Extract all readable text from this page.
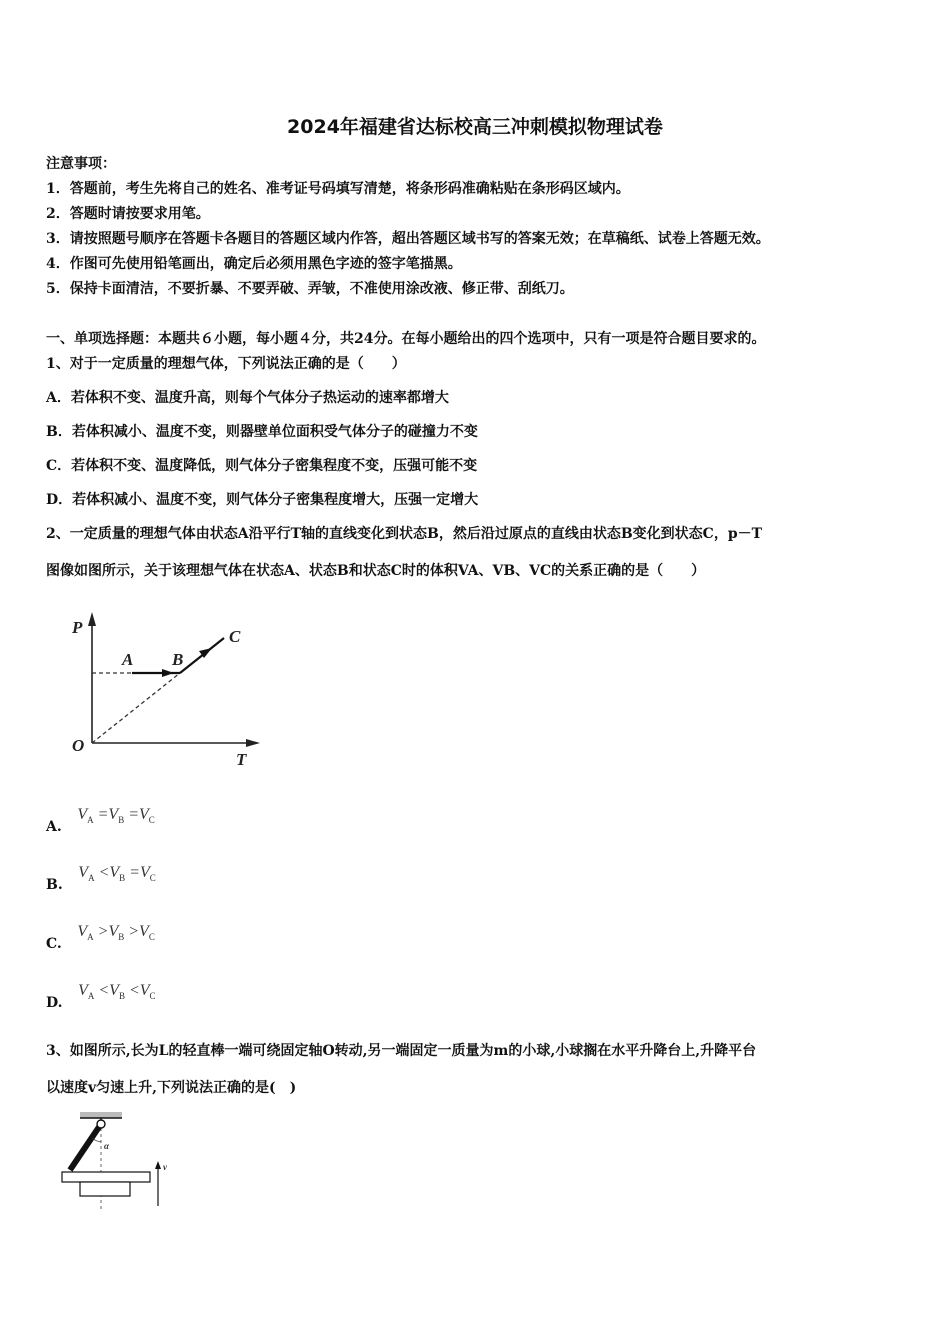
2024年福建省达标校高三冲刺模拟物理试卷
注意事项：
1．答题前，考生先将自己的姓名、准考证号码填写清楚，将条形码准确粘贴在条形码区域内。
2．答题时请按要求用笔。
3．请按照题号顺序在答题卡各题目的答题区域内作答，超出答题区域书写的答案无效；在草稿纸、试卷上答题无效。
4．作图可先使用铅笔画出，确定后必须用黑色字迹的签字笔描黑。
5．保持卡面清洁，不要折暴、不要弄破、弄皱，不准使用涂改液、修正带、刮纸刀。
一、单项选择题：本题共６小题，每小题４分，共24分。在每小题给出的四个选项中，只有一项是符合题目要求的。
1、对于一定质量的理想气体，下列说法正确的是（　　）
A．若体积不变、温度升高，则每个气体分子热运动的速率都增大
B．若体积减小、温度不变，则器壁单位面积受气体分子的碰撞力不变
C．若体积不变、温度降低，则气体分子密集程度不变，压强可能不变
D．若体积减小、温度不变，则气体分子密集程度增大，压强一定增大
2、一定质量的理想气体由状态A沿平行T轴的直线变化到状态B，然后沿过原点的直线由状态B变化到状态C，p－T
图像如图所示，关于该理想气体在状态A、状态B和状态C时的体积VA、VB、VC的关系正确的是（　　）
P
T
O
A B
C
A. $V_A =V_B =V_C$
B. $V_A <V_B =V_C$
C. $V_A >V_B >V_C$
D. $V_A <V_B <V_C$
3、如图所示,长为L的轻直棒一端可绕固定轴O转动,另一端固定一质量为m的小球,小球搁在水平升降台上,升降平台
以速度v匀速上升,下列说法正确的是(　)
α
v
